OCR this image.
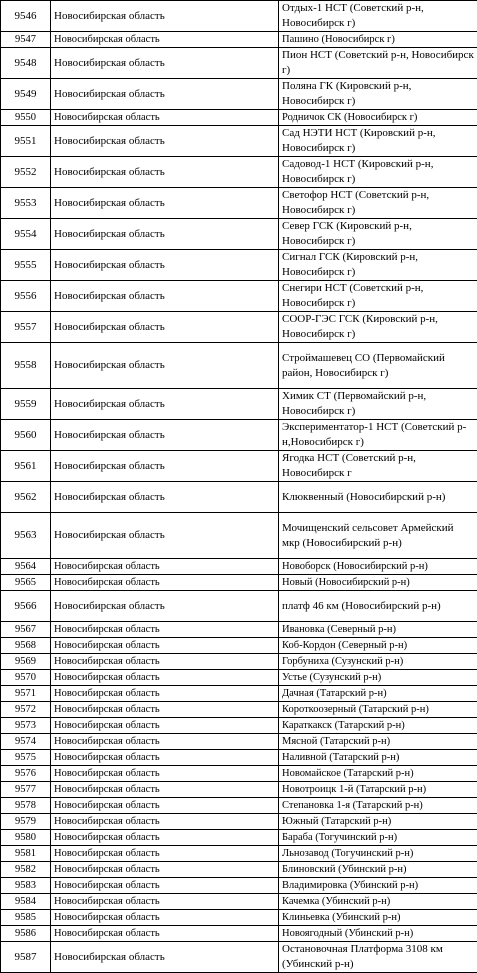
9546	Новосибирская область	Отдых-1 НСТ (Советский р-н, Новосибирск г)
9547	Новосибирская область	Пашино (Новосибирск г)
9548	Новосибирская область	Пион НСТ (Советский р-н, Новосибирск г)
9549	Новосибирская область	Поляна ГК (Кировский р-н, Новосибирск г)
9550	Новосибирская область	Родничок СК (Новосибирск г)
9551	Новосибирская область	Сад НЭТИ НСТ (Кировский р-н, Новосибирск г)
9552	Новосибирская область	Садовод-1 НСТ (Кировский р-н, Новосибирск г)
9553	Новосибирская область	Светофор НСТ (Советский р-н, Новосибирск г)
9554	Новосибирская область	Север ГСК (Кировский р-н, Новосибирск г)
9555	Новосибирская область	Сигнал ГСК (Кировский р-н, Новосибирск г)
9556	Новосибирская область	Снегири НСТ (Советский р-н, Новосибирск г)
9557	Новосибирская область	СООР-ГЭС ГСК (Кировский р-н, Новосибирск г)
9558	Новосибирская область	Строймашевец СО (Первомайский район, Новосибирск г)
9559	Новосибирская область	Химик СТ (Первомайский р-н, Новосибирск г)
9560	Новосибирская область	Экспериментатор-1 НСТ (Советский р-н,Новосибирск г)
9561	Новосибирская область	Ягодка НСТ (Советский р-н, Новосибирск г
9562	Новосибирская область	Клюквенный (Новосибирский р-н)
9563	Новосибирская область	Мочищенский сельсовет Армейский мкр (Новосибирский р-н)
9564	Новосибирская область	Новоборск (Новосибирский р-н)
9565	Новосибирская область	Новый (Новосибирский р-н)
9566	Новосибирская область	платф 46 км (Новосибирский р-н)
9567	Новосибирская область	Ивановка (Северный р-н)
9568	Новосибирская область	Коб-Кордон (Северный р-н)
9569	Новосибирская область	Горбуниха (Сузунский р-н)
9570	Новосибирская область	Устье (Сузунский р-н)
9571	Новосибирская область	Дачная (Татарский р-н)
9572	Новосибирская область	Короткоозерный (Татарский р-н)
9573	Новосибирская область	Караткакск (Татарский р-н)
9574	Новосибирская область	Мясной (Татарский р-н)
9575	Новосибирская область	Наливной (Татарский р-н)
9576	Новосибирская область	Новомайское (Татарский р-н)
9577	Новосибирская область	Новотроицк 1-й (Татарский р-н)
9578	Новосибирская область	Степановка 1-я (Татарский р-н)
9579	Новосибирская область	Южный (Татарский р-н)
9580	Новосибирская область	Бараба (Тогучинский р-н)
9581	Новосибирская область	Льнозавод (Тогучинский р-н)
9582	Новосибирская область	Блиновский (Убинский р-н)
9583	Новосибирская область	Владимировка (Убинский р-н)
9584	Новосибирская область	Качемка (Убинский р-н)
9585	Новосибирская область	Клиньевка (Убинский р-н)
9586	Новосибирская область	Новоягодный (Убинский р-н)
9587	Новосибирская область	Остановочная Платформа 3108 км (Убинский р-н)
